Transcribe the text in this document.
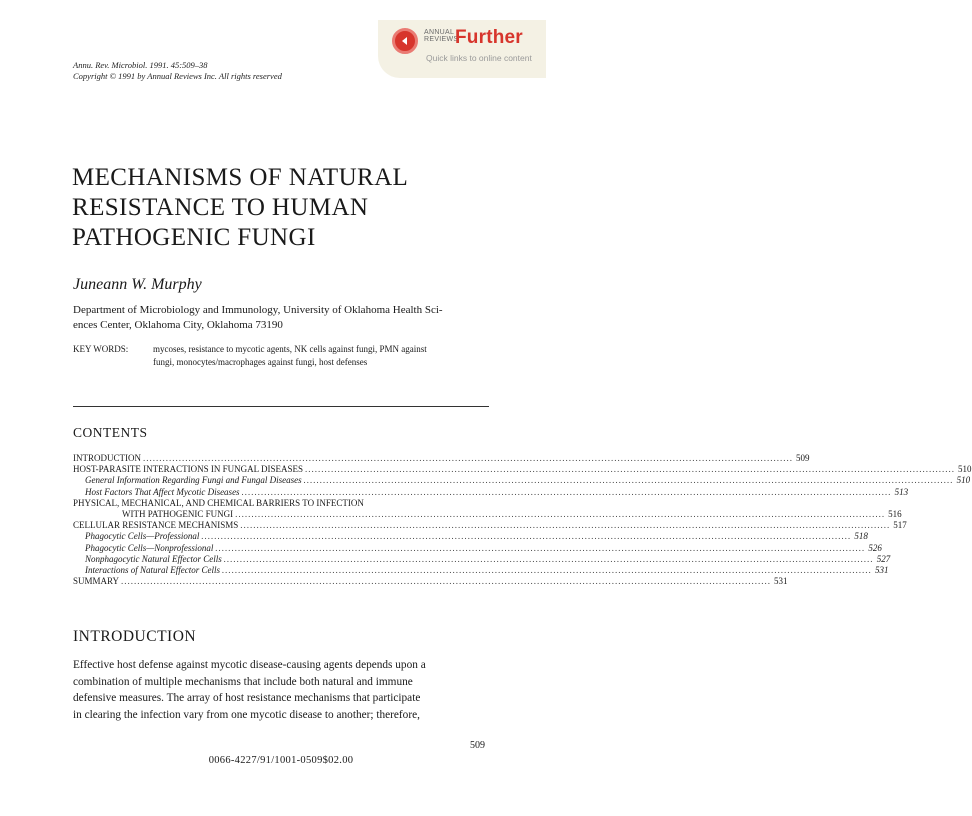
ANNUAL
REVIEWS
Further
Quick links to online content
Annu. Rev. Microbiol. 1991. 45:509–38
Copyright © 1991 by Annual Reviews Inc. All rights reserved
MECHANISMS OF NATURAL
RESISTANCE TO HUMAN
PATHOGENIC FUNGI
Juneann W. Murphy
Department of Microbiology and Immunology, University of Oklahoma Health Sci-
ences Center, Oklahoma City, Oklahoma 73190
KEY WORDS:	mycoses, resistance to mycotic agents, NK cells against fungi, PMN against
fungi, monocytes/macrophages against fungi, host defenses
CONTENTS
INTRODUCTION ........................................................................................................................................................................................................ 509
HOST-PARASITE INTERACTIONS IN FUNGAL DISEASES ........................................................................................................................................................................................................ 510
General Information Regarding Fungi and Fungal Diseases ........................................................................................................................................................................................................ 510
Host Factors That Affect Mycotic Diseases ........................................................................................................................................................................................................ 513
PHYSICAL, MECHANICAL, AND CHEMICAL BARRIERS TO INFECTION
WITH PATHOGENIC FUNGI ........................................................................................................................................................................................................ 516
CELLULAR RESISTANCE MECHANISMS ........................................................................................................................................................................................................ 517
Phagocytic Cells—Professional ........................................................................................................................................................................................................ 518
Phagocytic Cells—Nonprofessional ........................................................................................................................................................................................................ 526
Nonphagocytic Natural Effector Cells ........................................................................................................................................................................................................ 527
Interactions of Natural Effector Cells ........................................................................................................................................................................................................ 531
SUMMARY ........................................................................................................................................................................................................ 531
INTRODUCTION
Effective host defense against mycotic disease-causing agents depends upon a
combination of multiple mechanisms that include both natural and immune
defensive measures. The array of host resistance mechanisms that participate
in clearing the infection vary from one mycotic disease to another; therefore,
509
0066-4227/91/1001-0509$02.00
